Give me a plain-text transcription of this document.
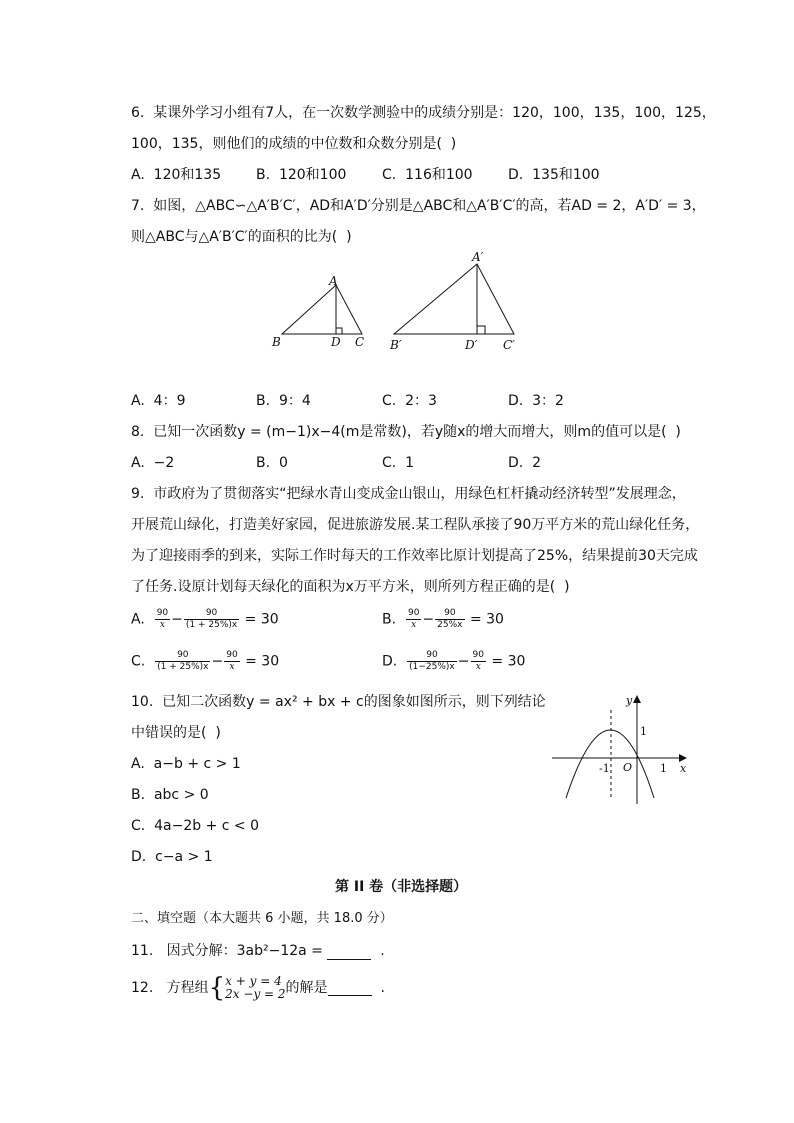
6.  某课外学习小组有7人，在一次数学测验中的成绩分别是：120，100，135，100，125，
100，135，则他们的成绩的中位数和众数分别是(  )
A.  120和135 B.  120和100	C.  116和100	D.  135和100
7.  如图，△ABC∽△A′B′C′，AD和A′D′分别是△ABC和△A′B′C′的高，若AD = 2，A′D′ = 3，
则△ABC与△A′B′C′的面积的比为(  )
A
B	D C
A′
B′	D′ C′
A.  4：9	B.  9：4	C.  2：3	D.  3：2
8.  已知一次函数y = (m−1)x−4(m是常数)，若y随x的增大而增大，则m的值可以是(  )
A.  −2	B.  0	C.  1	D.  2
9.  市政府为了贯彻落实“把绿水青山变成金山银山，用绿色杠杆撬动经济转型”发展理念，
开展荒山绿化，打造美好家园，促进旅游发展.某工程队承接了90万平方米的荒山绿化任务，
为了迎接雨季的到来，实际工作时每天的工作效率比原计划提高了25%，结果提前30天完成
了任务.设原计划每天绿化的面积为x万平方米，则所列方程正确的是(  )
A. $\frac{90}{x} - \frac{90}{(1 + 25\%)x} = 30$	B. $\frac{90}{x} - \frac{90}{25\%x} = 30$
C. $\frac{90}{(1 + 25\%)x} - \frac{90}{x} = 30$	D. $\frac{90}{(1-25\%)x} - \frac{90}{x} = 30$
10.  已知二次函数y = ax² + bx + c的图象如图所示，则下列结论
中错误的是(  )
A.  a−b + c > 1
B.  abc > 0
C.  4a−2b + c < 0
D.  c−a > 1
y
x
O
-1	1
1
第 II 卷（非选择题）
二、填空题（本大题共 6 小题，共 18.0 分）
11.   因式分解：3ab²−12a =	.
12.   方程组{ x + y = 4
2x −y = 2 的解是	.
